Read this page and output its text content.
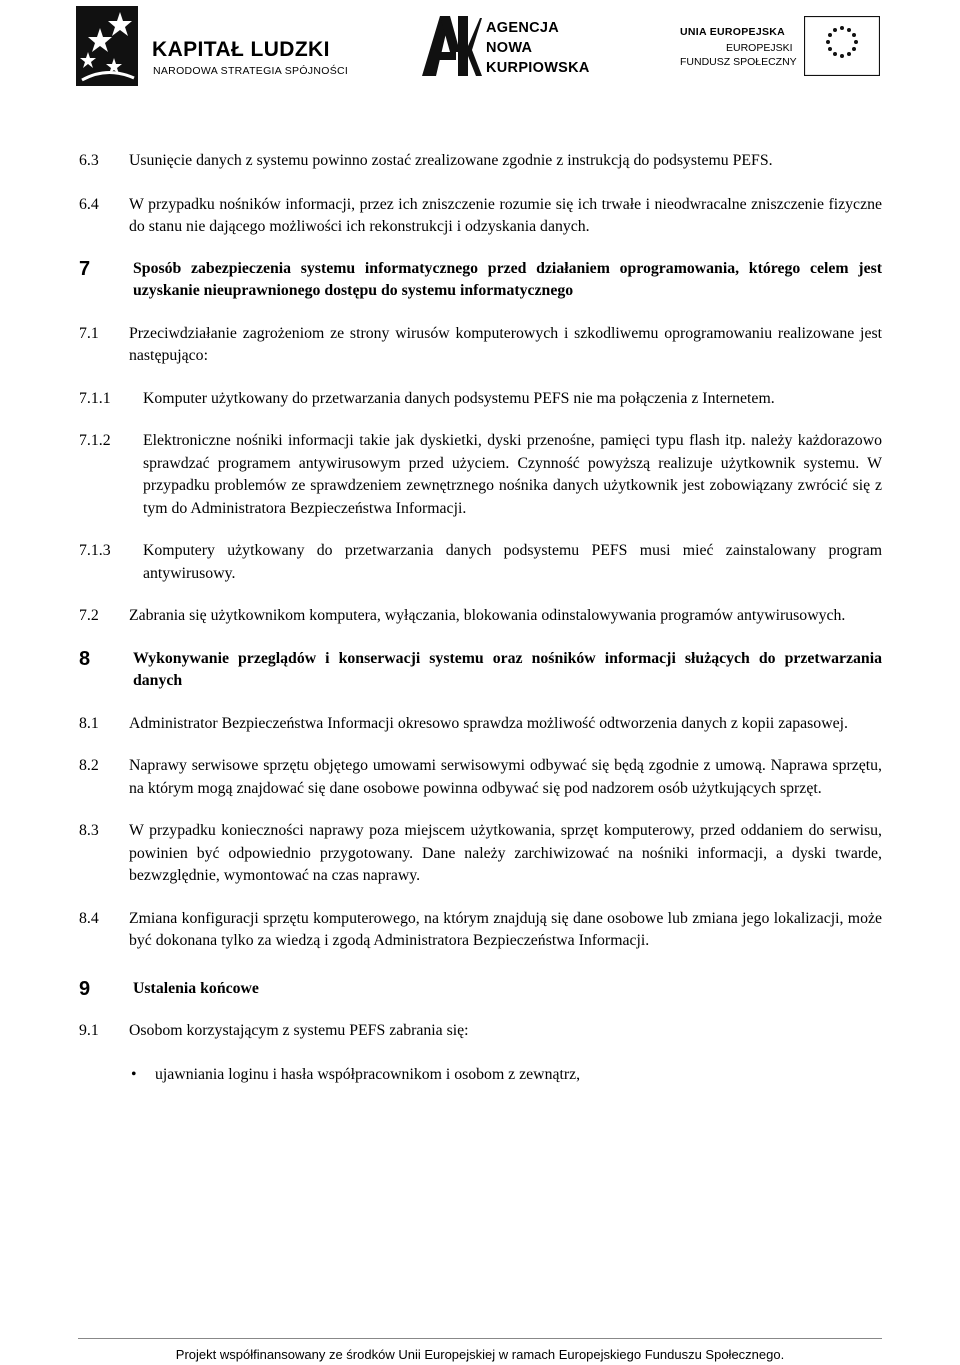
KAPITAŁ LUDZKI
NARODOWA STRATEGIA SPÓJNOŚCI
AGENCJA
NOWA
KURPIOWSKA
UNIA EUROPEJSKA
EUROPEJSKI
FUNDUSZ SPOŁECZNY
6.3	Usunięcie danych z systemu powinno zostać zrealizowane zgodnie z instrukcją do podsystemu PEFS.
6.4	W przypadku nośników informacji, przez ich zniszczenie rozumie się ich trwałe i nieodwracalne zniszczenie fizyczne do stanu nie dającego możliwości ich rekonstrukcji i odzyskania danych.
7	Sposób zabezpieczenia systemu informatycznego przed działaniem oprogramowania, którego celem jest uzyskanie nieuprawnionego dostępu do systemu informatycznego
7.1	Przeciwdziałanie zagrożeniom ze strony wirusów komputerowych i szkodliwemu oprogramowaniu realizowane jest następująco:
7.1.1	Komputer użytkowany do przetwarzania danych podsystemu PEFS nie ma połączenia z Internetem.
7.1.2	Elektroniczne nośniki informacji takie jak dyskietki, dyski przenośne, pamięci typu flash itp. należy każdorazowo sprawdzać programem antywirusowym przed użyciem. Czynność powyższą realizuje użytkownik systemu. W przypadku problemów ze sprawdzeniem zewnętrznego nośnika danych użytkownik jest zobowiązany zwrócić się z tym do Administratora Bezpieczeństwa Informacji.
7.1.3	Komputery użytkowany do przetwarzania danych podsystemu PEFS musi mieć zainstalowany program antywirusowy.
7.2	Zabrania się użytkownikom komputera, wyłączania, blokowania odinstalowywania programów antywirusowych.
8	Wykonywanie przeglądów i konserwacji systemu oraz nośników informacji służących do przetwarzania danych
8.1	Administrator Bezpieczeństwa Informacji okresowo sprawdza możliwość odtworzenia danych z kopii zapasowej.
8.2	Naprawy serwisowe sprzętu objętego umowami serwisowymi odbywać się będą zgodnie z umową. Naprawa sprzętu, na którym mogą znajdować się dane osobowe powinna odbywać się pod nadzorem osób użytkujących sprzęt.
8.3	W przypadku konieczności naprawy poza miejscem użytkowania, sprzęt komputerowy, przed oddaniem do serwisu, powinien być odpowiednio przygotowany. Dane należy zarchiwizować na nośniki informacji, a dyski twarde, bezwzględnie, wymontować na czas naprawy.
8.4	Zmiana konfiguracji sprzętu komputerowego, na którym znajdują się dane osobowe lub zmiana jego lokalizacji, może być dokonana tylko za wiedzą i zgodą Administratora Bezpieczeństwa Informacji.
9	Ustalenia końcowe
9.1	Osobom korzystającym z systemu PEFS zabrania się:
•	ujawniania loginu i hasła współpracownikom i osobom z zewnątrz,
Projekt współfinansowany ze środków Unii Europejskiej w ramach Europejskiego Funduszu Społecznego.
